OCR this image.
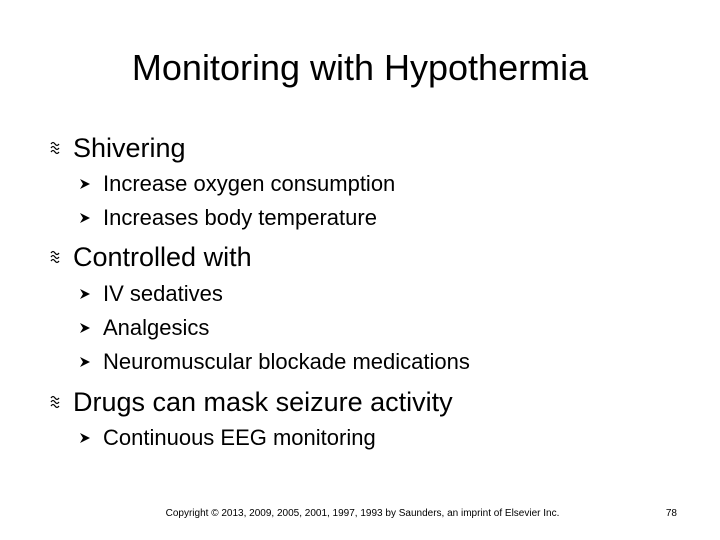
Monitoring with Hypothermia
Shivering
Increase oxygen consumption
Increases body temperature
Controlled with
IV sedatives
Analgesics
Neuromuscular blockade medications
Drugs can mask seizure activity
Continuous EEG monitoring
Copyright © 2013, 2009, 2005, 2001, 1997, 1993 by Saunders, an imprint of Elsevier Inc.	78
